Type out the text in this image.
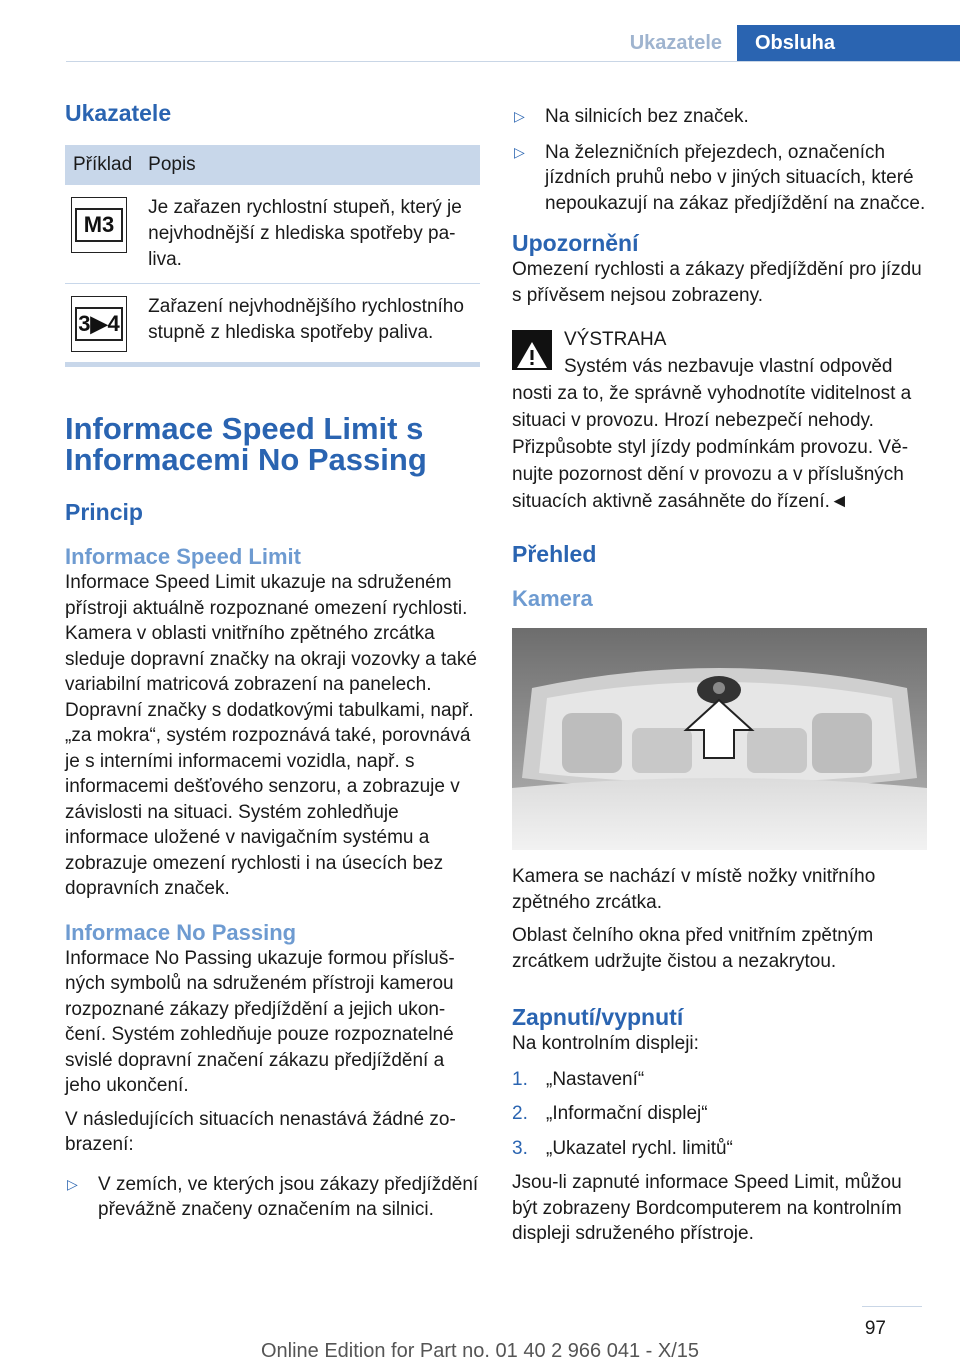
Ukazatele	Obsluha
Ukazatele
Příklad	Popis

M3	Je zařazen rychlostní stupeň, který je nejvhodnější z hlediska spotřeby paliva.

3▶4	Zařazení nejvhodnějšího rychlostního stupně z hlediska spotřeby paliva.
Informace Speed Limit s Informacemi No Passing
Princip
Informace Speed Limit

Informace Speed Limit ukazuje na sdruženém přístroji aktuálně rozpoznané omezení rychlosti. Kamera v oblasti vnitřního zpětného zrcátka sleduje dopravní značky na okraji vozovky a také variabilní matricová zobrazení na panelech. Dopravní značky s dodatkovými tabulkami, např. „za mokra“, systém rozpoznává také, porovnává je s interními informacemi vozidla, např. s informacemi dešťového senzoru, a zobrazuje v závislosti na situaci. Systém zohledňuje informace uložené v navigačním systému a zobrazuje omezení rychlosti i na úsecích bez dopravních značek.

Informace No Passing

Informace No Passing ukazuje formou příslušných symbolů na sdruženém přístroji kamerou rozpoznané zákazy předjíždění a jejich ukončení. Systém zohledňuje pouze rozpoznatelné svislé dopravní značení zákazu předjíždění a jeho ukončení.

V následujících situacích nenastává žádné zobrazení:

▷ V zemích, ve kterých jsou zákazy předjíždění převážně značeny označením na silnici.
▷ Na silnicích bez značek.
▷ Na železničních přejezdech, označeních jízdních pruhů nebo v jiných situacích, které nepoukazují na zákaz předjíždění na značce.
Upozornění

Omezení rychlosti a zákazy předjíždění pro jízdu s přívěsem nejsou zobrazeny.

VÝSTRAHA

Systém vás nezbavuje vlastní odpověd

nosti za to, že správně vyhodnotíte viditelnost a situaci v provozu. Hrozí nebezpečí nehody. Přizpůsobte styl jízdy podmínkám provozu. Věnujte pozornost dění v provozu a v příslušných situacích aktivně zasáhněte do řízení.◄

Přehled
Kamera

Kamera se nachází v místě nožky vnitřního zpětného zrcátka.

Oblast čelního okna před vnitřním zpětným zrcátkem udržujte čistou a nezakrytou.

Zapnutí/vypnutí

Na kontrolním displeji:

1. „Nastavení“
2. „Informační displej“
3. „Ukazatel rychl. limitů“

Jsou-li zapnuté informace Speed Limit, můžou být zobrazeny Bordcomputerem na kontrolním displeji sdruženého přístroje.

97
Online Edition for Part no. 01 40 2 966 041 - X/15
